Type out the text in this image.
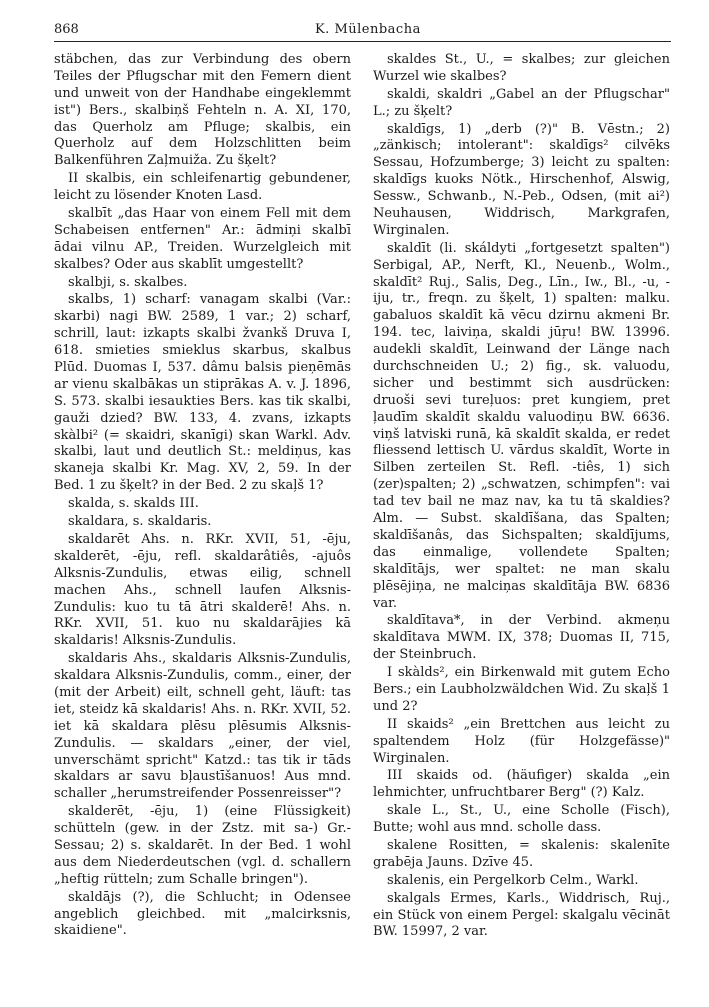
868	K. Mülenbacha

stäbchen, das zur Verbindung des obern Teiles der Pflugschar mit den Femern dient und unweit von der Handhabe eingeklemmt ist") Bers., skalbiņš Fehteln n. A. XI, 170, das Querholz am Pfluge; skalbis, ein Querholz auf dem Holzschlitten beim Balkenführen Zaļmuiža. Zu šķelt?

II skalbis, ein schleifenartig gebundener, leicht zu lösender Knoten Lasd.

skalbīt „das Haar von einem Fell mit dem Schabeisen entfernen" Ar.: ādmiņi skalbī ādai vilnu AP., Treiden. Wurzelgleich mit skalbes? Oder aus skablīt umgestellt?

skalbji, s. skalbes.

skalbs, 1) scharf: vanagam skalbi (Var.: skarbi) nagi BW. 2589, 1 var.; 2) scharf, schrill, laut: izkapts skalbi žvankš Druva I, 618. smieties smieklus skarbus, skalbus Plūd. Duomas I, 537. dâmu balsis pieņēmās ar vienu skalbākas un stiprākas A. v. J. 1896, S. 573. skalbi iesaukties Bers. kas tik skalbi, gauži dzied? BW. 133, 4. zvans, izkapts skàlbi² (= skaidri, skanīgi) skan Warkl. Adv. skalbi, laut und deutlich St.: meldiņus, kas skaneja skalbi Kr. Mag. XV, 2, 59. In der Bed. 1 zu šķelt? in der Bed. 2 zu skaļš 1?

skalda, s. skalds III.

skaldara, s. skaldaris.

skaldarēt Ahs. n. RKr. XVII, 51, -ēju, skalderēt, -ēju, refl. skaldarâtiês, -ajuôs Alksnis-Zundulis, etwas eilig, schnell machen Ahs., schnell laufen Alksnis-Zundulis: kuo tu tā ātri skalderē! Ahs. n. RKr. XVII, 51. kuo nu skaldarājies kā skaldaris! Alksnis-Zundulis.

skaldaris Ahs., skaldaris Alksnis-Zundulis, skaldara Alksnis-Zundulis, comm., einer, der (mit der Arbeit) eilt, schnell geht, läuft: tas iet, steidz kā skaldaris! Ahs. n. RKr. XVII, 52. iet kā skaldara plēsu plēsumis Alksnis-Zundulis. — skaldars „einer, der viel, unverschämt spricht" Katzd.: tas tik ir tāds skaldars ar savu bļaustīšanuos! Aus mnd. schaller „herumstreifender Possenreisser"?

skalderēt, -ēju, 1) (eine Flüssigkeit) schütteln (gew. in der Zstz. mit sa-) Gr.-Sessau; 2) s. skaldarēt. In der Bed. 1 wohl aus dem Niederdeutschen (vgl. d. schallern „heftig rütteln; zum Schalle bringen").

skaldājs (?), die Schlucht; in Odensee angeblich gleichbed. mit „malcirksnis, skaidiene".

skaldes St., U., = skalbes; zur gleichen Wurzel wie skalbes?

skaldi, skaldri „Gabel an der Pflugschar" L.; zu šķelt?

skaldīgs, 1) „derb (?)" B. Vēstn.; 2) „zänkisch; intolerant": skaldīgs² cilvēks Sessau, Hofzumberge; 3) leicht zu spalten: skaldīgs kuoks Nötk., Hirschenhof, Alswig, Sessw., Schwanb., N.-Peb., Odsen, (mit ai²) Neuhausen, Widdrisch, Markgrafen, Wirginalen.

skaldīt (li. skáldyti „fortgesetzt spalten") Serbigal, AP., Nerft, Kl., Neuenb., Wolm., skaldīt² Ruj., Salis, Deg., Līn., Iw., Bl., -u, -iju, tr., freqn. zu šķelt, 1) spalten: malku. gabaluos skaldīt kā vēcu dzirnu akmeni Br. 194. tec, laiviņa, skaldi jūŗu! BW. 13996. audekli skaldīt, Leinwand der Länge nach durchschneiden U.; 2) fig., sk. valuodu, sicher und bestimmt sich ausdrücken: druoši sevi tureļuos: pret kungiem, pret ļaudīm skaldīt skaldu valuodiņu BW. 6636. viņš latviski runā, kā skaldīt skalda, er redet fliessend lettisch U. vārdus skaldīt, Worte in Silben zerteilen St. Refl. -tiês, 1) sich (zer)spalten; 2) „schwatzen, schimpfen": vai tad tev bail ne maz nav, ka tu tā skaldies? Alm. — Subst. skaldīšana, das Spalten; skaldīšanâs, das Sichspalten; skaldījums, das einmalige, vollendete Spalten; skaldītājs, wer spaltet: ne man skalu plēsējiņa, ne malciņas skaldītāja BW. 6836 var.

skaldītava*, in der Verbind. akmeņu skaldītava MWM. IX, 378; Duomas II, 715, der Steinbruch.

I skàlds², ein Birkenwald mit gutem Echo Bers.; ein Laubholzwäldchen Wid. Zu skaļš 1 und 2?

II skaids² „ein Brettchen aus leicht zu spaltendem Holz (für Holzgefässe)" Wirginalen.

III skaids od. (häufiger) skalda „ein lehmichter, unfruchtbarer Berg" (?) Kalz.

skale L., St., U., eine Scholle (Fisch), Butte; wohl aus mnd. scholle dass.

skalene Rositten, = skalenis: skalenīte grabēja Jauns. Dzīve 45.

skalenis, ein Pergelkorb Celm., Warkl.

skalgals Ermes, Karls., Widdrisch, Ruj., ein Stück von einem Pergel: skalgalu vēcināt BW. 15997, 2 var.
